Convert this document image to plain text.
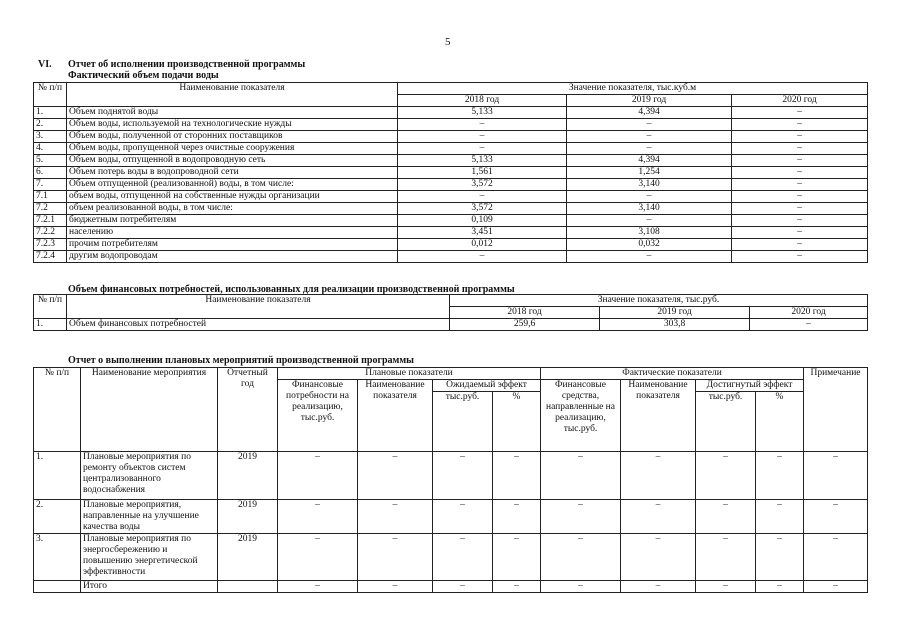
5
VI. Отчет об исполнении производственной программы
Фактический объем подачи воды
№ п/п	Наименование показателя	Значение показателя, тыс.куб.м		
		2018 год	2019 год	2020 год
1.	Объем поднятой воды	5,133	4,394	–
2.	Объем воды, используемой на технологические нужды	–	–	–
3.	Объем воды, полученной от сторонних поставщиков	–	–	–
4.	Объем воды, пропущенной через очистные сооружения	–	–	–
5.	Объем воды, отпущенной в водопроводную сеть	5,133	4,394	–
6.	Объем потерь воды в водопроводной сети	1,561	1,254	–
7.	Объем отпущенной (реализованной) воды, в том числе:	3,572	3,140	–
7.1	объем воды, отпущенной на собственные нужды организации	–	–	–
7.2	объем реализованной воды, в том числе:	3,572	3,140	–
7.2.1	бюджетным потребителям	0,109	–	–
7.2.2	населению	3,451	3,108	–
7.2.3	прочим потребителям	0,012	0,032	–
7.2.4	другим водопроводам	–	–	–
Объем финансовых потребностей, использованных для реализации производственной программы
№ п/п	Наименование показателя	Значение показателя, тыс.руб.		
		2018 год	2019 год	2020 год
1.	Объем финансовых потребностей	259,6	303,8	–
Отчет о выполнении плановых мероприятий производственной программы
№ п/п	Наименование мероприятия	Отчетный год	Плановые показатели				Фактические показатели				Примечание
			Финансовые потребности на реализацию, тыс.руб.	Наименование показателя	Ожидаемый эффект		Финансовые средства, направленные на реализацию, тыс.руб.	Наименование показателя	Достигнутый эффект		
					тыс.руб.	%			тыс.руб.	%	
1.	Плановые мероприятия по ремонту объектов систем централизованного водоснабжения	2019	–	–	–	–	–	–	–	–	–
2.	Плановые мероприятия, направленные на улучшение качества воды	2019	–	–	–	–	–	–	–	–	–
3.	Плановые мероприятия по энергосбережению и повышению энергетической эффективности	2019	–	–	–	–	–	–	–	–	–
	Итого		–	–	–	–	–	–	–	–	–
